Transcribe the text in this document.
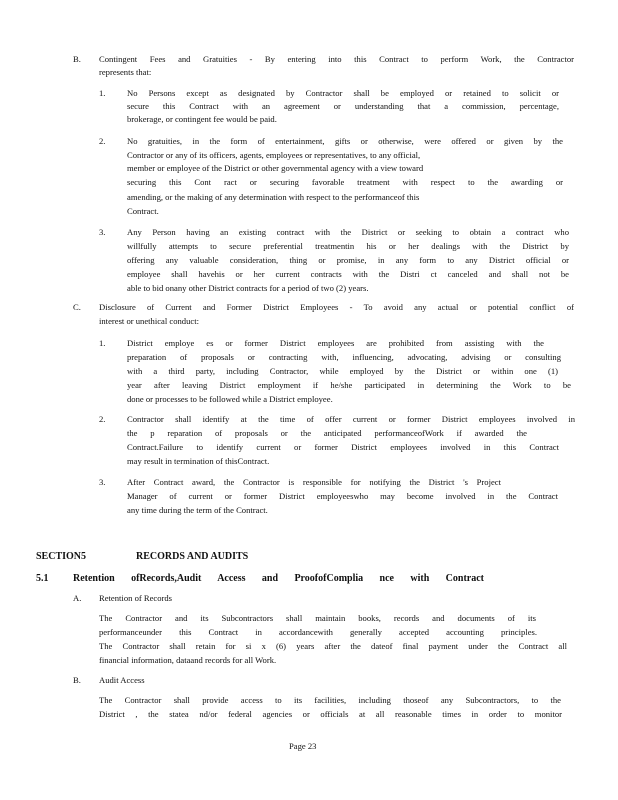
B. Contingent Fees and Gratuities - By entering into this Contract to perform Work, the Contractor
represents that:
1.	No Persons except as designated by Contractor shall be employed or retained to solicit or
secure this Contract with an agreement or understanding that a commission, percentage,
brokerage, or contingent fee would be paid.
2.	No gratuities, in the form of entertainment, gifts or otherwise, were offered or given by the
Contractor or any of its officers, agents, employees or representatives, to any official,
member or employee of the District or other governmental agency with a view toward
securing this Cont ract or securing favorable treatment with respect to the awarding or
amending, or the making of any determination with respect to the performanceof this
Contract.
3.	Any Person having an existing contract with the District or seeking to obtain a contract who
willfully attempts to secure preferential treatmentin his or her dealings with the District by
offering any valuable consideration, thing or promise, in any form to any District official or
employee shall havehis or her current contracts with the Distri ct canceled and shall not be
able to bid onany other District contracts for a period of two (2) years.
C. Disclosure of Current and Former District Employees - To avoid any actual or potential conflict of
interest or unethical conduct:
1.	District employe es or former District employees are prohibited from assisting with the
preparation of proposals or contracting with, influencing, advocating, advising or consulting
with a third party, including Contractor, while employed by the District or within one (1)
year after leaving District employment if he/she participated in determining the Work to be
done or processes to be followed while a District employee.
2.	Contractor shall identify at the time of offer current or former District employees involved in
the p reparation of proposals or the anticipated performanceofWork if awarded the
Contract.Failure to identify current or former District employees involved in this Contract
may result in termination of thisContract.
3.	After Contract award, the Contractor is responsible for notifying the District 's Project
Manager of current or former District employeeswho may become involved in the Contract
any time during the term of the Contract.
SECTION5	RECORDS AND AUDITS
5.1 Retention ofRecords,Audit Access and ProofofComplia nce with Contract
A. Retention of Records
The Contractor and its Subcontractors shall maintain books, records and documents of its
performanceunder this Contract in accordancewith generally accepted accounting principles.
The Contractor shall retain for si x (6) years after the dateof final payment under the Contract all
financial information, dataand records for all Work.
B. Audit Access
The Contractor shall provide access to its facilities, including thoseof any Subcontractors, to the
District , the statea nd/or federal agencies or officials at all reasonable times in order to monitor
Page 23
